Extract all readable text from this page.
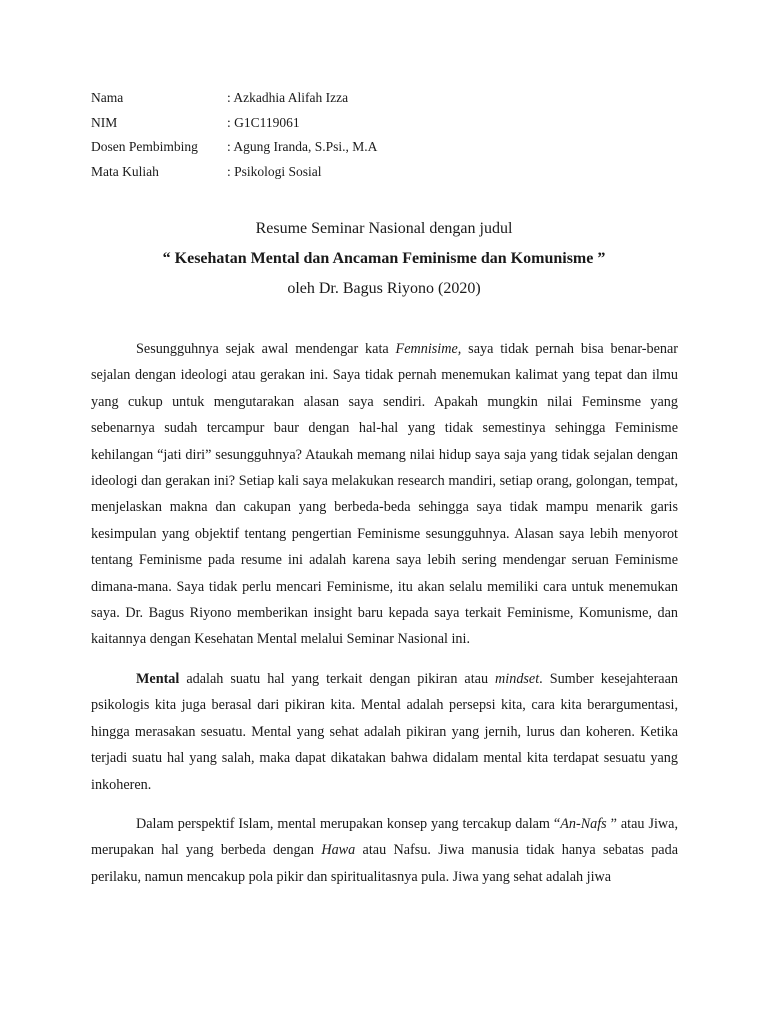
Nama	: Azkadhia Alifah Izza
NIM	: G1C119061
Dosen Pembimbing	: Agung Iranda, S.Psi., M.A
Mata Kuliah	: Psikologi Sosial
Resume Seminar Nasional dengan judul
“ Kesehatan Mental dan Ancaman Feminisme dan Komunisme ”
oleh Dr. Bagus Riyono (2020)

Sesungguhnya sejak awal mendengar kata Femnisime, saya tidak pernah bisa benar-benar sejalan dengan ideologi atau gerakan ini. Saya tidak pernah menemukan kalimat yang tepat dan ilmu yang cukup untuk mengutarakan alasan saya sendiri. Apakah mungkin nilai Feminsme yang sebenarnya sudah tercampur baur dengan hal-hal yang tidak semestinya sehingga Feminisme kehilangan “jati diri” sesungguhnya? Ataukah memang nilai hidup saya saja yang tidak sejalan dengan ideologi dan gerakan ini? Setiap kali saya melakukan research mandiri, setiap orang, golongan, tempat, menjelaskan makna dan cakupan yang berbeda-beda sehingga saya tidak mampu menarik garis kesimpulan yang objektif tentang pengertian Feminisme sesungguhnya. Alasan saya lebih menyorot tentang Feminisme pada resume ini adalah karena saya lebih sering mendengar seruan Feminisme dimana-mana. Saya tidak perlu mencari Feminisme, itu akan selalu memiliki cara untuk menemukan saya. Dr. Bagus Riyono memberikan insight baru kepada saya terkait Feminisme, Komunisme, dan kaitannya dengan Kesehatan Mental melalui Seminar Nasional ini.

Mental adalah suatu hal yang terkait dengan pikiran atau mindset. Sumber kesejahteraan psikologis kita juga berasal dari pikiran kita. Mental adalah persepsi kita, cara kita berargumentasi, hingga merasakan sesuatu. Mental yang sehat adalah pikiran yang jernih, lurus dan koheren. Ketika terjadi suatu hal yang salah, maka dapat dikatakan bahwa didalam mental kita terdapat sesuatu yang inkoheren.

Dalam perspektif Islam, mental merupakan konsep yang tercakup dalam “An-Nafs ” atau Jiwa, merupakan hal yang berbeda dengan Hawa atau Nafsu. Jiwa manusia tidak hanya sebatas pada perilaku, namun mencakup pola pikir dan spiritualitasnya pula. Jiwa yang sehat adalah jiwa
